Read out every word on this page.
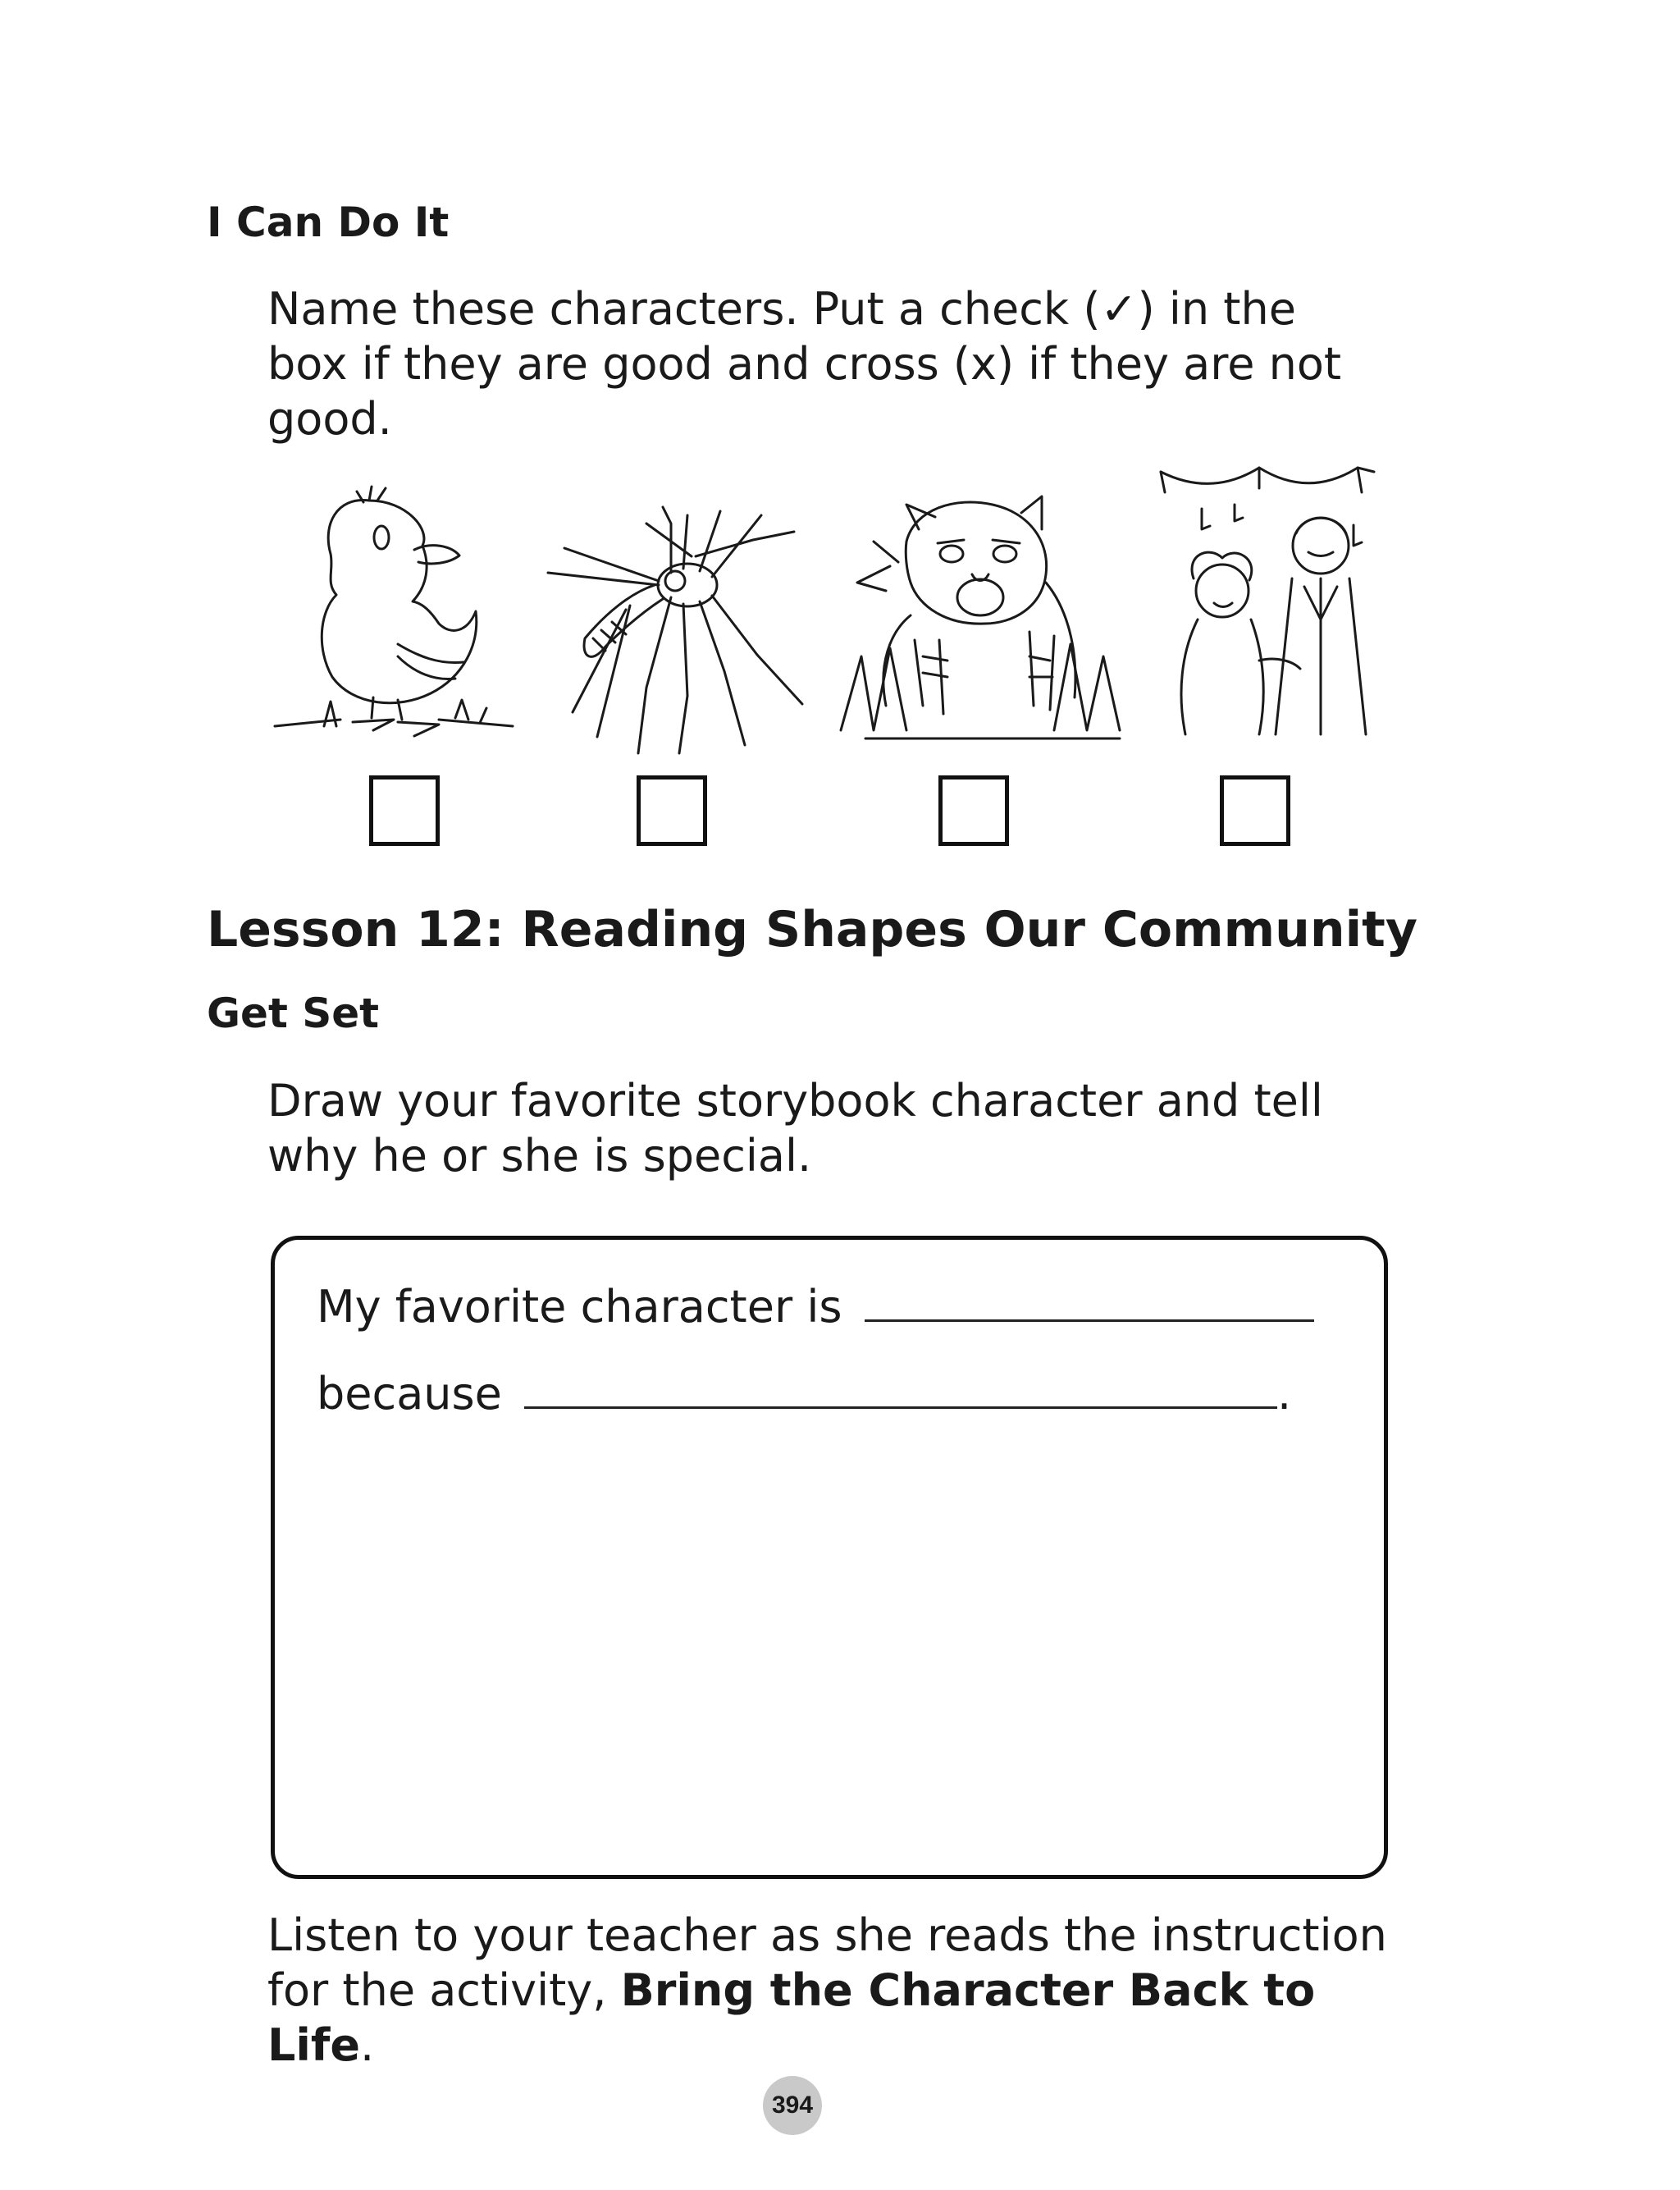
I Can Do It
Name these characters. Put a check (✓) in the box if they are good and cross (x) if they are not good.
Lesson 12: Reading Shapes Our Community
Get Set
Draw your favorite storybook character and tell why he or she is special.
My favorite character is
because	.
Listen to your teacher as she reads the instruction for the activity, Bring the Character Back to Life.
394
